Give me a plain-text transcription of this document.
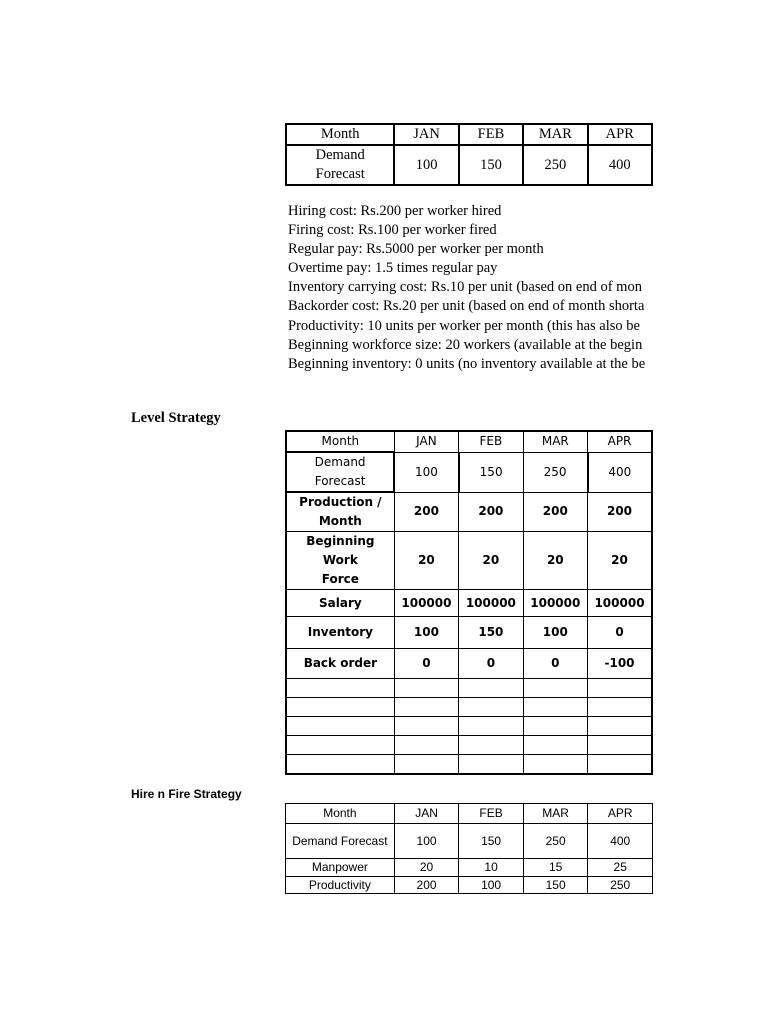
Month	JAN	FEB	MAR	APR

Demand
Forecast	100	150	250	400
Hiring cost: Rs.200 per worker hired
Firing cost: Rs.100 per worker fired
Regular pay: Rs.5000 per worker per month
Overtime pay: 1.5 times regular pay
Inventory carrying cost: Rs.10 per unit (based on end of mon
Backorder cost: Rs.20 per unit (based on end of month shorta
Productivity: 10 units per worker per month (this has also be
Beginning workforce size: 20 workers (available at the begin
Beginning inventory: 0 units (no inventory available at the be
Level Strategy
Month	JAN	FEB	MAR	APR

Demand
Forecast	100	150	250	400

Production /
Month	200	200	200	200

Beginning Work
Force	20	20	20	20
Salary	100000	100000	100000	100000
Inventory	100	150	100	0
Back order	0	0	0	-100

Hire n Fire Strategy
Month	JAN	FEB	MAR	APR
Demand Forecast	100	150	250	400
Manpower	20	10	15	25
Productivity	200	100	150	250
